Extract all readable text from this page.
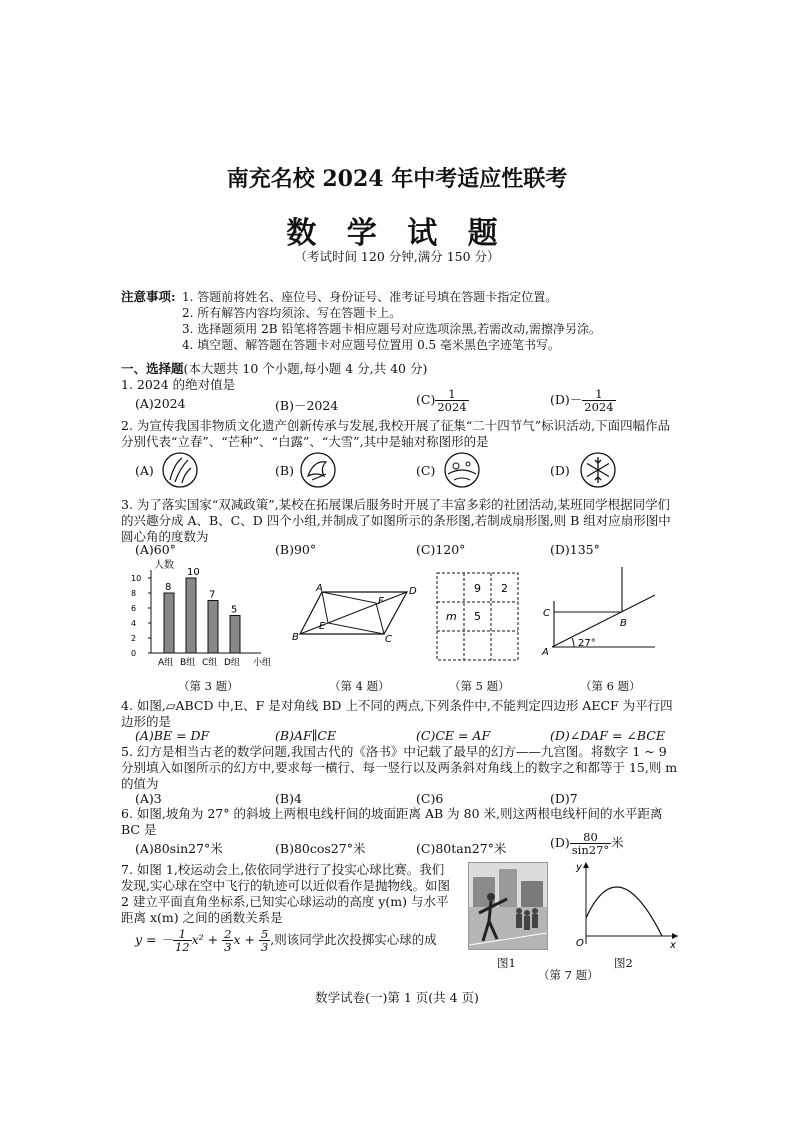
南充名校 2024 年中考适应性联考
数 学 试 题
（考试时间 120 分钟,满分 150 分）
注意事项: 1. 答题前将姓名、座位号、身份证号、准考证号填在答题卡指定位置。
2. 所有解答内容均须涂、写在答题卡上。
3. 选择题须用 2B 铅笔将答题卡相应题号对应选项涂黑,若需改动,需擦净另涂。
4. 填空题、解答题在答题卡对应题号位置用 0.5 毫米黑色字迹笔书写。
一、选择题(本大题共 10 个小题,每小题 4 分,共 40 分)
1. 2024 的绝对值是
(A)2024	(B)－2024	$(C) \frac{1}{2024}$	$(D)- \frac{1}{2024}$
2. 为宣传我国非物质文化遗产创新传承与发展,我校开展了征集“二十四节气”标识活动,下面四幅作品分别代表“立春”、“芒种”、“白露”、“大雪”,其中是轴对称图形的是
(A)	(B)	(C)	(D)
3. 为了落实国家“双减政策”,某校在拓展课后服务时开展了丰富多彩的社团活动,某班同学根据同学们的兴趣分成 A、B、C、D 四个小组,并制成了如图所示的条形图,若制成扇形图,则 B 组对应扇形图中圆心角的度数为
(A)60°	(B)90°	(C)120°	(D)135°
人数
0
2
4
6
8
10
8
A组
10
B组
7
C组
5
D组 小组
A	D
B	C
E
F
9 2
m 5
A
B
C
27°
（第 3 题）	（第 4 题）	（第 5 题）	（第 6 题）
4. 如图,▱ABCD 中,E、F 是对角线 BD 上不同的两点,下列条件中,不能判定四边形 AECF 为平行四边形的是
(A)BE = DF	(B)AF∥CE	(C)CE = AF	(D)∠DAF = ∠BCE
5. 幻方是相当古老的数学问题,我国古代的《洛书》中记载了最早的幻方——九宫图。将数字 1 ~ 9 分别填入如图所示的幻方中,要求每一横行、每一竖行以及两条斜对角线上的数字之和都等于 15,则 m 的值为
(A)3	(B)4	(C)6	(D)7
6. 如图,坡角为 27° 的斜坡上两根电线杆间的坡面距离 AB 为 80 米,则这两根电线杆间的水平距离 BC 是
(A)80sin27°米	(B)80cos27°米	(C)80tan27°米	$(D) \frac{80}{\sin 27^\circ}$ 米
7. 如图 1,校运动会上,依依同学进行了投实心球比赛。我们发现,实心球在空中飞行的轨迹可以近似看作是抛物线。如图 2 建立平面直角坐标系,已知实心球运动的高度 y(m) 与水平距离 x(m) 之间的函数关系是
y = － $\frac{1}{12} x^2 + \frac{2}{3}$ $x + \frac{5}{3}$ ,则该同学此次投掷实心球的成
图1
y
x
O
图2
（第 7 题）
数学试卷(一)第 1 页(共 4 页)
